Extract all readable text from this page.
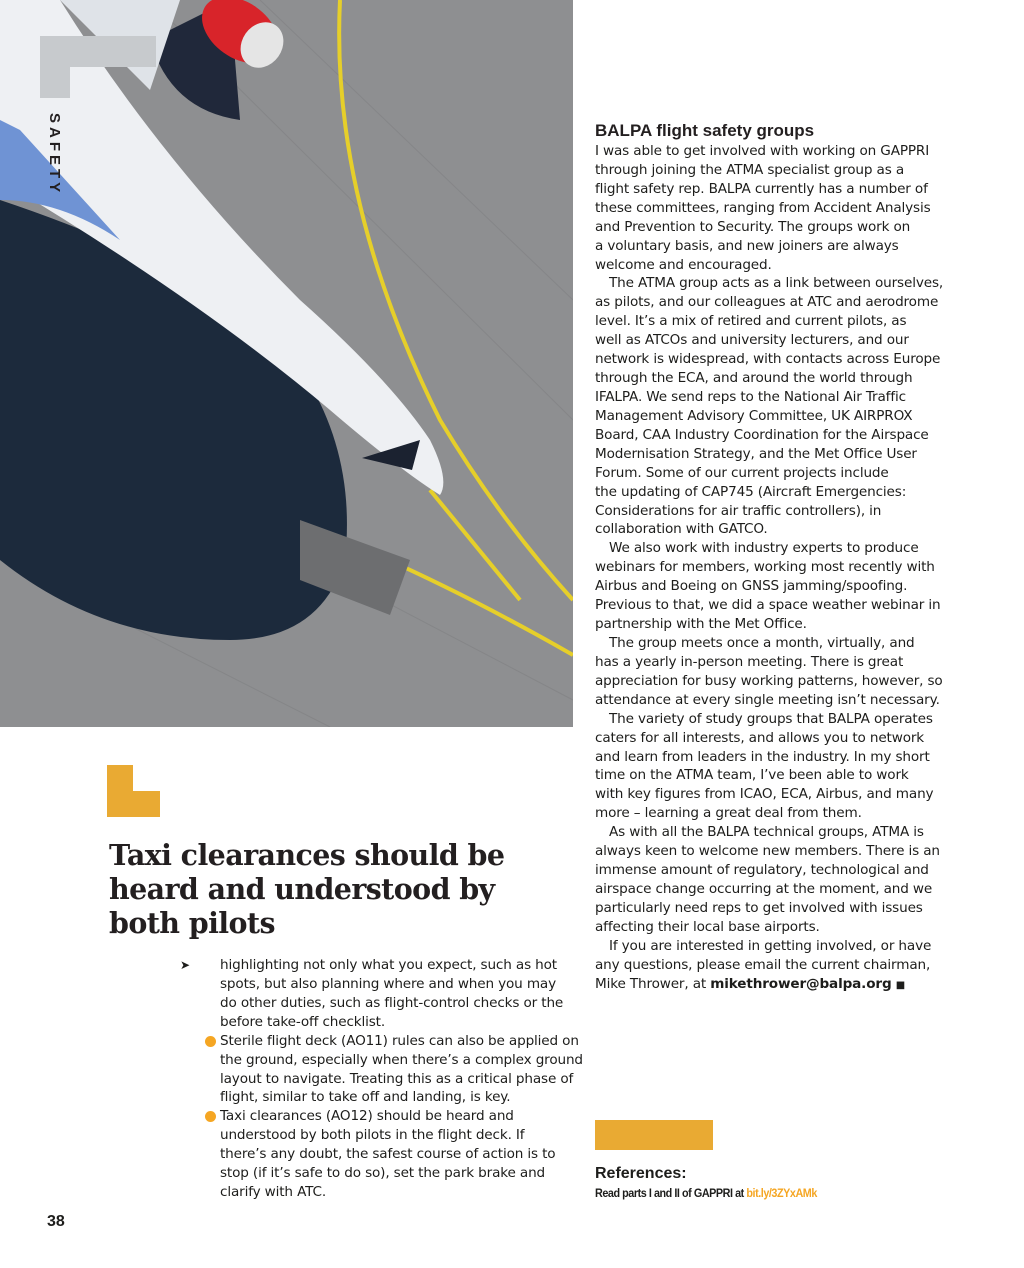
SAFETY
Taxi clearances should be heard and understood by both pilots
➤ highlighting not only what you expect, such as hot
spots, but also planning where and when you may
do other duties, such as flight-control checks or the
before take-off checklist.
Sterile flight deck (AO11) rules can also be applied on
the ground, especially when there’s a complex ground
layout to navigate. Treating this as a critical phase of
flight, similar to take off and landing, is key.
Taxi clearances (AO12) should be heard and
understood by both pilots in the flight deck. If
there’s any doubt, the safest course of action is to
stop (if it’s safe to do so), set the park brake and
clarify with ATC.
BALPA flight safety groups
I was able to get involved with working on GAPPRI
through joining the ATMA specialist group as a
flight safety rep. BALPA currently has a number of
these committees, ranging from Accident Analysis
and Prevention to Security. The groups work on
a voluntary basis, and new joiners are always
welcome and encouraged.
The ATMA group acts as a link between ourselves,
as pilots, and our colleagues at ATC and aerodrome
level. It’s a mix of retired and current pilots, as
well as ATCOs and university lecturers, and our
network is widespread, with contacts across Europe
through the ECA, and around the world through
IFALPA. We send reps to the National Air Traffic
Management Advisory Committee, UK AIRPROX
Board, CAA Industry Coordination for the Airspace
Modernisation Strategy, and the Met Office User
Forum. Some of our current projects include
the updating of CAP745 (Aircraft Emergencies:
Considerations for air traffic controllers), in
collaboration with GATCO.
We also work with industry experts to produce
webinars for members, working most recently with
Airbus and Boeing on GNSS jamming/spoofing.
Previous to that, we did a space weather webinar in
partnership with the Met Office.
The group meets once a month, virtually, and
has a yearly in-person meeting. There is great
appreciation for busy working patterns, however, so
attendance at every single meeting isn’t necessary.
The variety of study groups that BALPA operates
caters for all interests, and allows you to network
and learn from leaders in the industry. In my short
time on the ATMA team, I’ve been able to work
with key figures from ICAO, ECA, Airbus, and many
more – learning a great deal from them.
As with all the BALPA technical groups, ATMA is
always keen to welcome new members. There is an
immense amount of regulatory, technological and
airspace change occurring at the moment, and we
particularly need reps to get involved with issues
affecting their local base airports.
If you are interested in getting involved, or have
any questions, please email the current chairman,
Mike Thrower, at mikethrower@balpa.org ■
References:
Read parts I and II of GAPPRI at bit.ly/3ZYxAMk
38
